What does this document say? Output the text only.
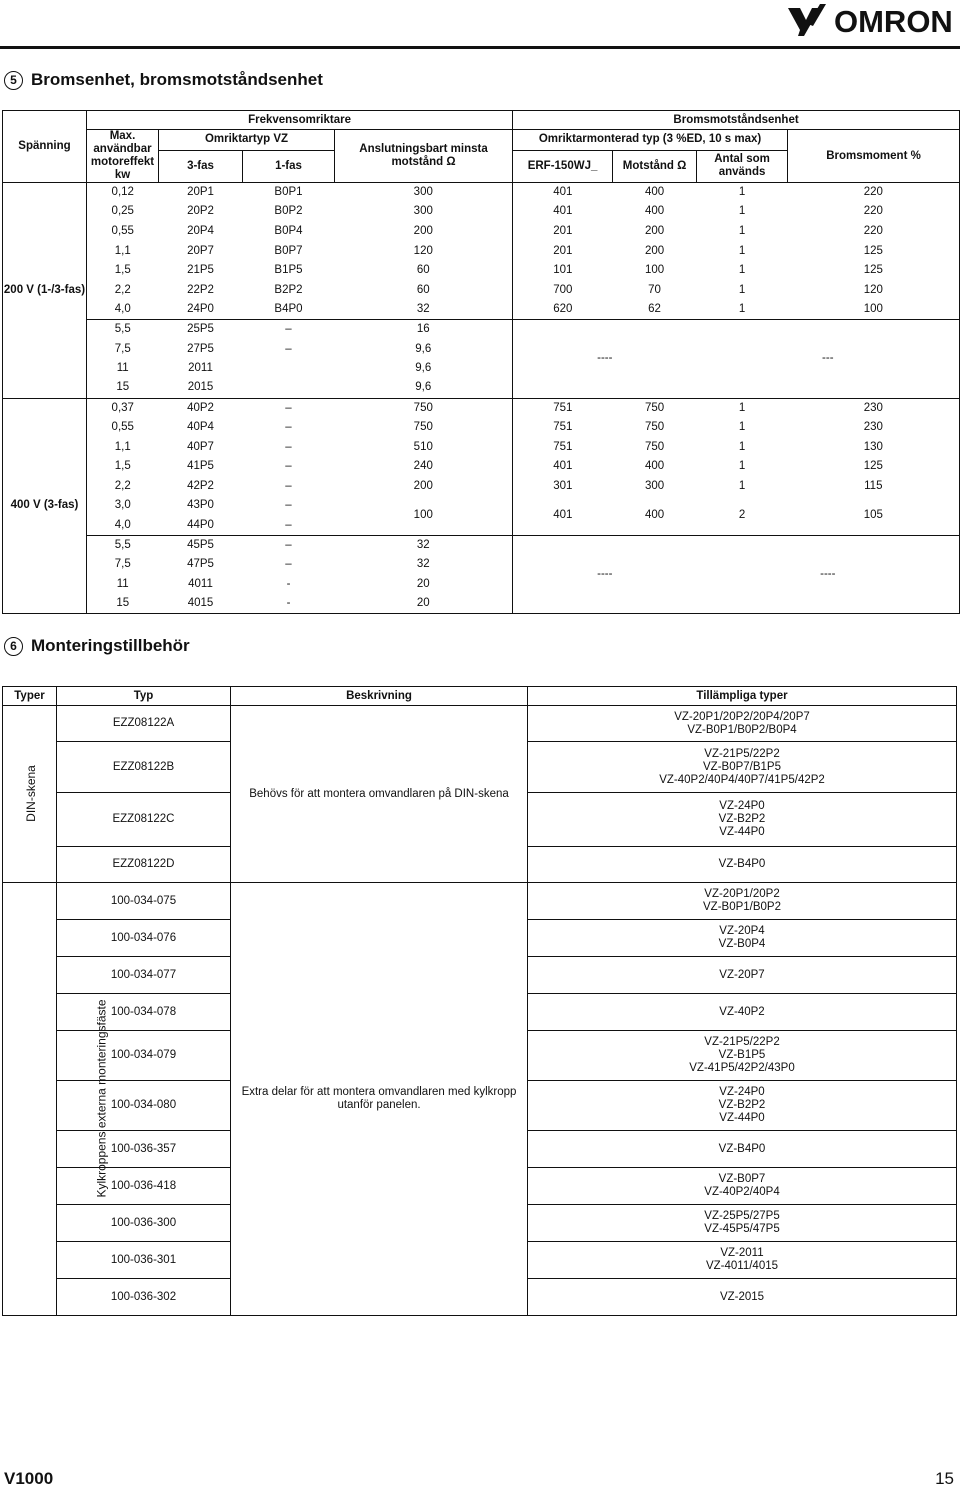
OMRON
5 Bromsenhet, bromsmotståndsenhet
Spänning	Frekvensomriktare				Bromsmotståndsenhet			
	Max. användbar motoreffekt kw	Omriktartyp VZ		Anslutningsbart minsta motstånd Ω	Omriktarmonterad typ (3 %ED, 10 s max)			Bromsmoment %
		3-fas	1-fas		ERF-150WJ_	Motstånd Ω	Antal som används	
200 V (1-/3-fas)	0,12	20P1	B0P1	300	401	400	1	220
	0,25	20P2	B0P2	300	401	400	1	220
	0,55	20P4	B0P4	200	201	200	1	220
	1,1	20P7	B0P7	120	201	200	1	125
	1,5	21P5	B1P5	60	101	100	1	125
	2,2	22P2	B2P2	60	700	70	1	120
	4,0	24P0	B4P0	32	620	62	1	100
	5,5	25P5	–	16	----		---	
	7,5	27P5	–	9,6				
	11	2011		9,6				
	15	2015		9,6				
400 V (3-fas)	0,37	40P2	–	750	751	750	1	230
	0,55	40P4	–	750	751	750	1	230
	1,1	40P7	–	510	751	750	1	130
	1,5	41P5	–	240	401	400	1	125
	2,2	42P2	–	200	301	300	1	115
	3,0	43P0	–	100	401	400	2	105
	4,0	44P0	–					
	5,5	45P5	–	32	----		----	
	7,5	47P5	–	32				
	11	4011	-	20				
	15	4015	-	20				
6 Monteringstillbehör
Typer	Typ	Beskrivning	Tillämpliga typer
DIN-skena	EZZ08122A	Behövs för att montera omvandlaren på DIN-skena	VZ-20P1/20P2/20P4/20P7
VZ-B0P1/B0P2/B0P4
	EZZ08122B		VZ-21P5/22P2
VZ-B0P7/B1P5
VZ-40P2/40P4/40P7/41P5/42P2
	EZZ08122C		VZ-24P0
VZ-B2P2
VZ-44P0
	EZZ08122D		VZ-B4P0
Kylkroppens externa monteringsfäste	100-034-075	Extra delar för att montera omvandlaren med kylkropp utanför panelen.	VZ-20P1/20P2
VZ-B0P1/B0P2
	100-034-076		VZ-20P4
VZ-B0P4
	100-034-077		VZ-20P7
	100-034-078		VZ-40P2
	100-034-079		VZ-21P5/22P2
VZ-B1P5
VZ-41P5/42P2/43P0
	100-034-080		VZ-24P0
VZ-B2P2
VZ-44P0
	100-036-357		VZ-B4P0
	100-036-418		VZ-B0P7
VZ-40P2/40P4
	100-036-300		VZ-25P5/27P5
VZ-45P5/47P5
	100-036-301		VZ-2011
VZ-4011/4015
	100-036-302		VZ-2015
V1000	15
